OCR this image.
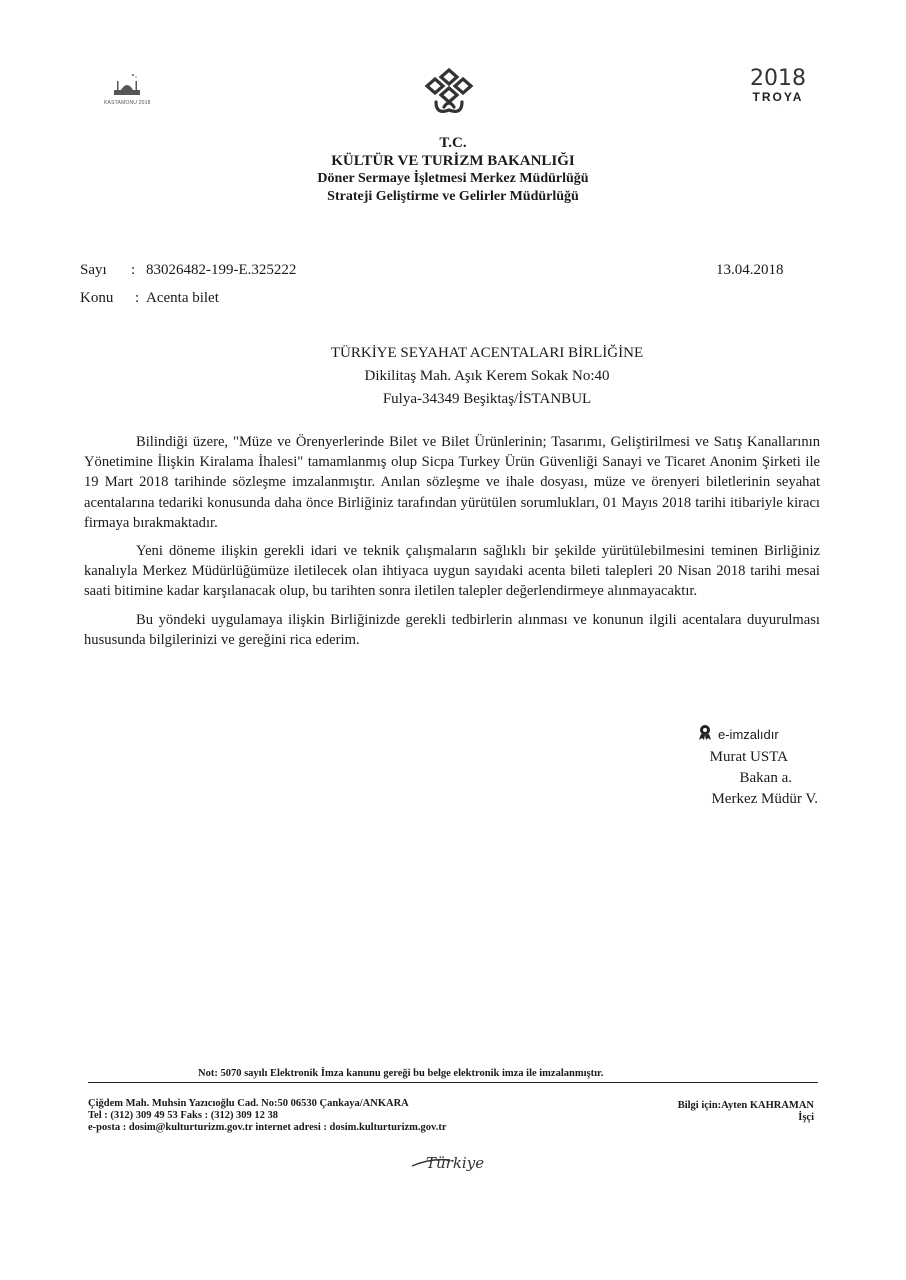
KASTAMONU 2018
2018
TROYA
·
T.C.
KÜLTÜR VE TURİZM BAKANLIĞI
Döner Sermaye İşletmesi Merkez Müdürlüğü
Strateji Geliştirme ve Gelirler Müdürlüğü
Sayı : 83026482-199-E.325222	13.04.2018
Konu : Acenta bilet
TÜRKİYE SEYAHAT ACENTALARI BİRLİĞİNE
Dikilitaş Mah. Aşık Kerem Sokak No:40
Fulya-34349 Beşiktaş/İSTANBUL

Bilindiği üzere, "Müze ve Örenyerlerinde Bilet ve Bilet Ürünlerinin; Tasarımı, Geliştirilmesi ve Satış Kanallarının Yönetimine İlişkin Kiralama İhalesi" tamamlanmış olup Sicpa Turkey Ürün Güvenliği Sanayi ve Ticaret Anonim Şirketi ile 19 Mart 2018 tarihinde sözleşme imzalanmıştır. Anılan sözleşme ve ihale dosyası, müze ve örenyeri biletlerinin seyahat acentalarına tedariki konusunda daha önce Birliğiniz tarafından yürütülen sorumlukları, 01 Mayıs 2018 tarihi itibariyle kiracı firmaya bırakmaktadır.

Yeni döneme ilişkin gerekli idari ve teknik çalışmaların sağlıklı bir şekilde yürütülebilmesini teminen Birliğiniz kanalıyla Merkez Müdürlüğümüze iletilecek olan ihtiyaca uygun sayıdaki acenta bileti talepleri 20 Nisan 2018 tarihi mesai saati bitimine kadar karşılanacak olup, bu tarihten sonra iletilen talepler değerlendirmeye alınmayacaktır.

Bu yöndeki uygulamaya ilişkin Birliğinizde gerekli tedbirlerin alınması ve konunun ilgili acentalara duyurulması hususunda bilgilerinizi ve gereğini rica ederim.

e-imzalıdır
Murat USTA
Bakan a.
Merkez Müdür V.
Not: 5070 sayılı Elektronik İmza kanunu gereği bu belge elektronik imza ile imzalanmıştır.
Çiğdem Mah. Muhsin Yazıcıoğlu Cad. No:50 06530 Çankaya/ANKARA
Tel : (312) 309 49 53 Faks : (312) 309 12 38
e-posta : dosim@kulturturizm.gov.tr internet adresi : dosim.kulturturizm.gov.tr
Bilgi için:Ayten KAHRAMAN
İşçi
Türkiye
